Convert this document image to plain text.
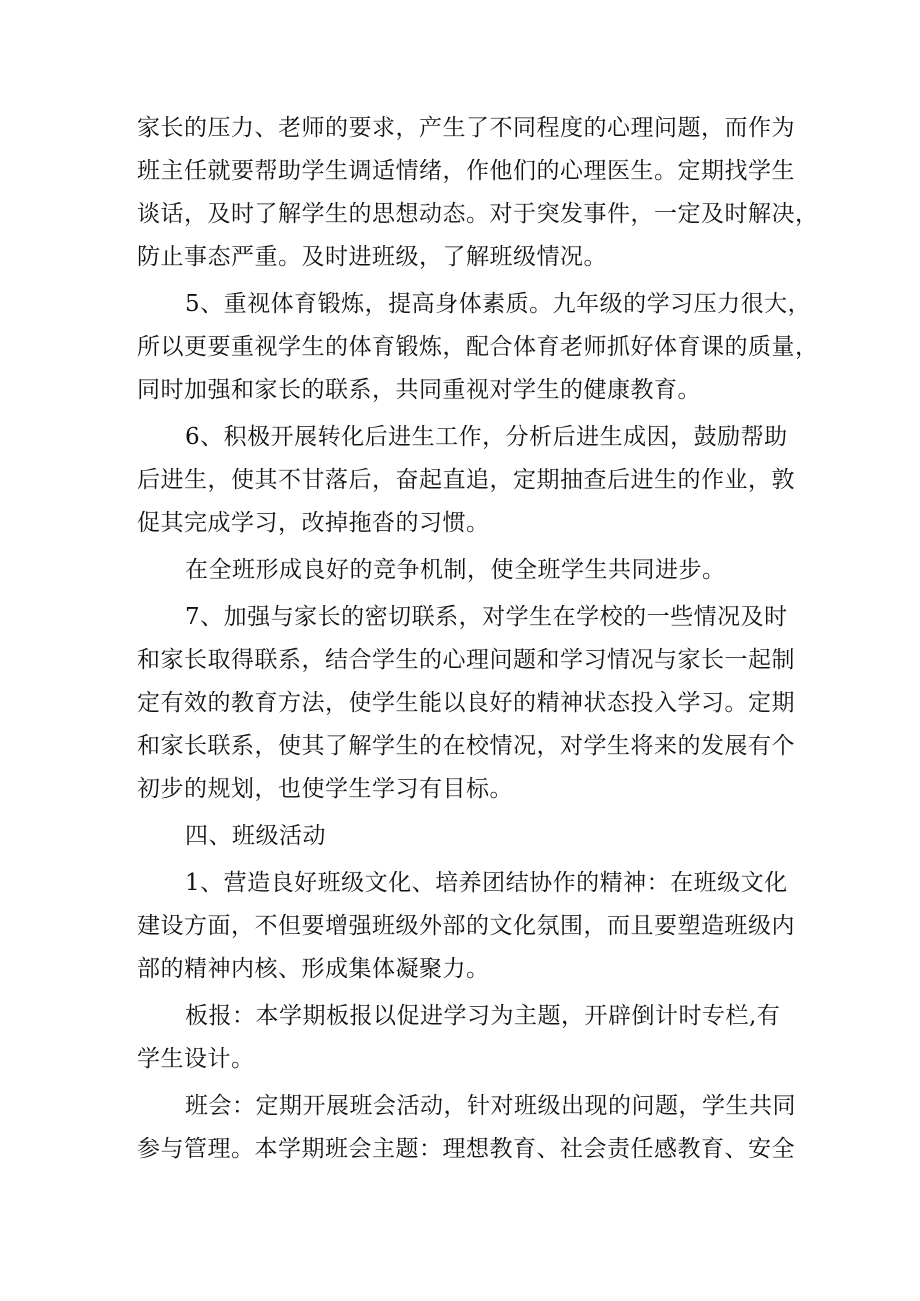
家长的压力、老师的要求，产生了不同程度的心理问题，而作为
班主任就要帮助学生调适情绪，作他们的心理医生。定期找学生
谈话，及时了解学生的思想动态。对于突发事件，一定及时解决，
防止事态严重。及时进班级，了解班级情况。

5、重视体育锻炼，提高身体素质。九年级的学习压力很大，
所以更要重视学生的体育锻炼，配合体育老师抓好体育课的质量，
同时加强和家长的联系，共同重视对学生的健康教育。

6、积极开展转化后进生工作，分析后进生成因，鼓励帮助
后进生，使其不甘落后，奋起直追，定期抽查后进生的作业，敦
促其完成学习，改掉拖沓的习惯。

在全班形成良好的竞争机制，使全班学生共同进步。

7、加强与家长的密切联系，对学生在学校的一些情况及时
和家长取得联系，结合学生的心理问题和学习情况与家长一起制
定有效的教育方法，使学生能以良好的精神状态投入学习。定期
和家长联系，使其了解学生的在校情况，对学生将来的发展有个
初步的规划，也使学生学习有目标。

四、班级活动

1、营造良好班级文化、培养团结协作的精神：在班级文化
建设方面，不但要增强班级外部的文化氛围，而且要塑造班级内
部的精神内核、形成集体凝聚力。

板报：本学期板报以促进学习为主题，开辟倒计时专栏,有
学生设计。

班会：定期开展班会活动，针对班级出现的问题，学生共同
参与管理。本学期班会主题：理想教育、社会责任感教育、安全
